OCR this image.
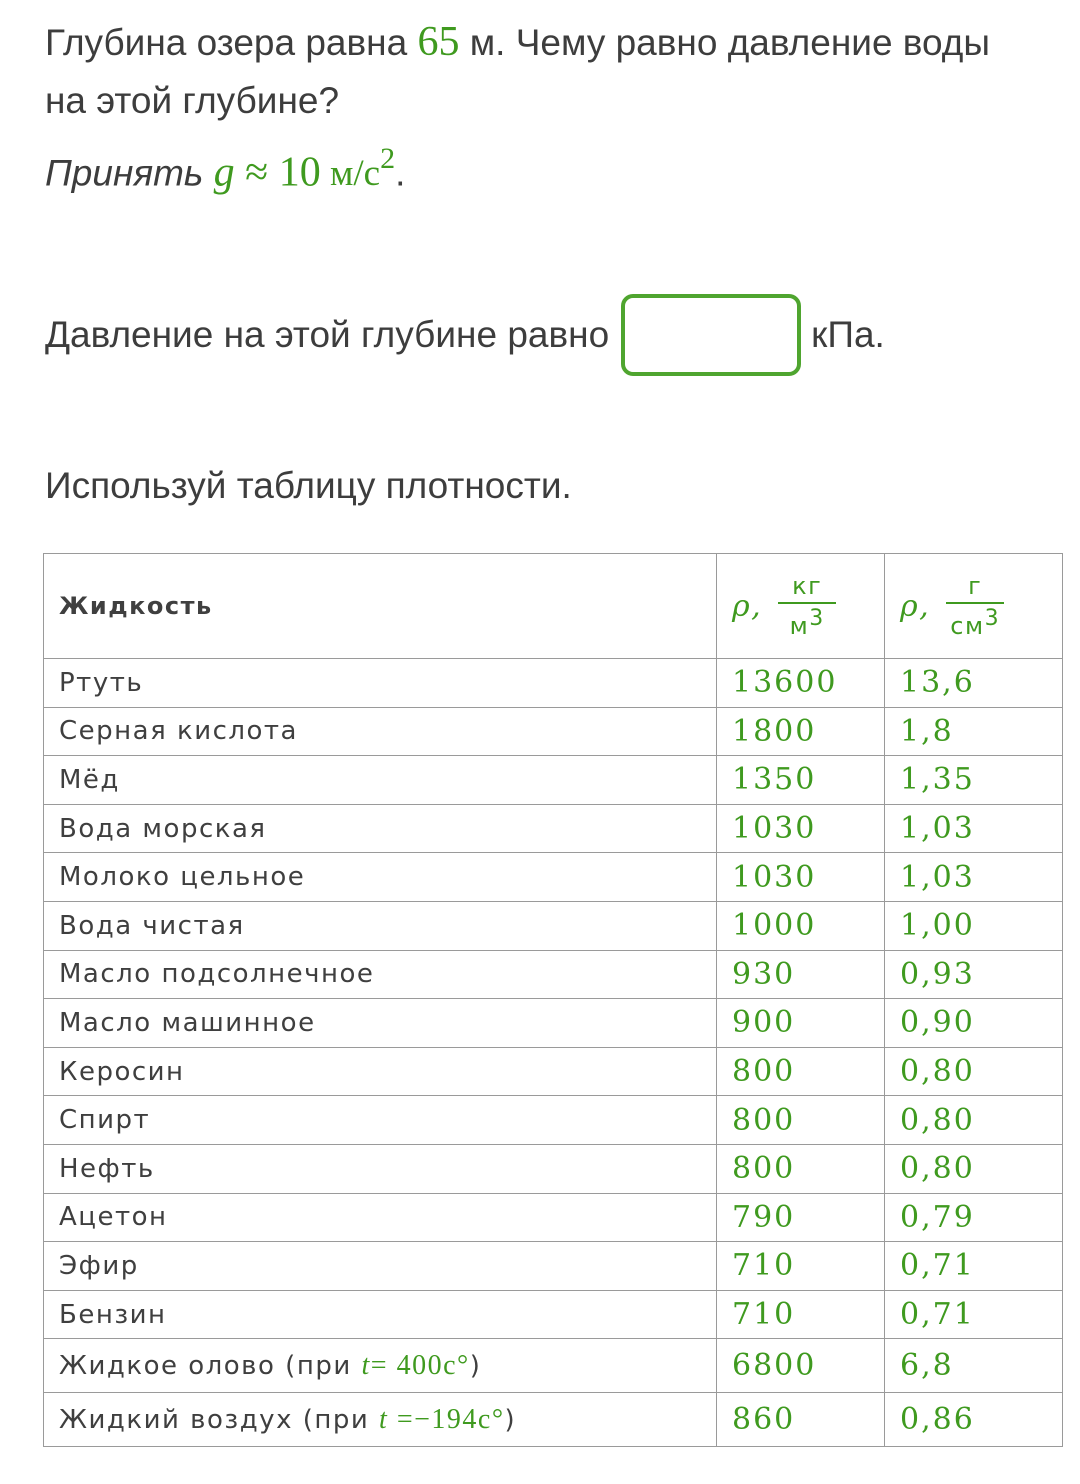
Глубина озера равна 65 м. Чему равно давление воды
на этой глубине?
Принять g ≈ 10 $м/с^2$.
Давление на этой глубине равно	кПа.
Используй таблицу плотности.
Жидкость	ρ, $\frac{кг}{м^3}$	ρ, $\frac{г}{см^3}$

Ртуть	13600	13,6
Серная кислота	1800	1,8
Мёд	1350	1,35
Вода морская	1030	1,03
Молоко цельное	1030	1,03
Вода чистая	1000	1,00
Масло подсолнечное	930	0,93
Масло машинное	900	0,90
Керосин	800	0,80
Спирт	800	0,80
Нефть	800	0,80
Ацетон	790	0,79
Эфир	710	0,71
Бензин	710	0,71
Жидкое олово (при t= 400c°)	6800	6,8
Жидкий воздух (при t =−194c°)	860	0,86
